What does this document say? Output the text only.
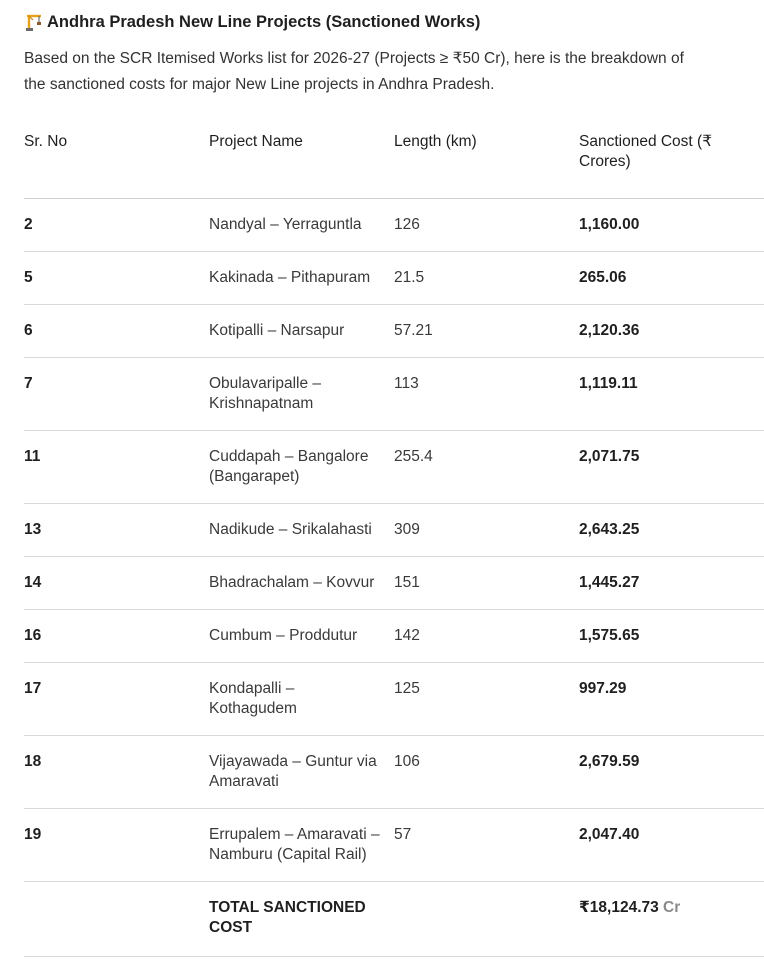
Andhra Pradesh New Line Projects (Sanctioned Works)
Based on the SCR Itemised Works list for 2026-27 (Projects ≥ ₹50 Cr), here is the breakdown of the sanctioned costs for major New Line projects in Andhra Pradesh.
Sr. No	Project Name	Length (km)	Sanctioned Cost (₹ Crores)
2	Nandyal – Yerraguntla	126	1,160.00
5	Kakinada – Pithapuram	21.5	265.06
6	Kotipalli – Narsapur	57.21	2,120.36
7	Obulavaripalle – Krishnapatnam	113	1,119.11
11	Cuddapah – Bangalore (Bangarapet)	255.4	2,071.75
13	Nadikude – Srikalahasti	309	2,643.25
14	Bhadrachalam – Kovvur	151	1,445.27
16	Cumbum – Proddutur	142	1,575.65
17	Kondapalli – Kothagudem	125	997.29
18	Vijayawada – Guntur via Amaravati	106	2,679.59
19	Errupalem – Amaravati – Namburu (Capital Rail)	57	2,047.40
	TOTAL SANCTIONED COST		₹18,124.73 Cr
